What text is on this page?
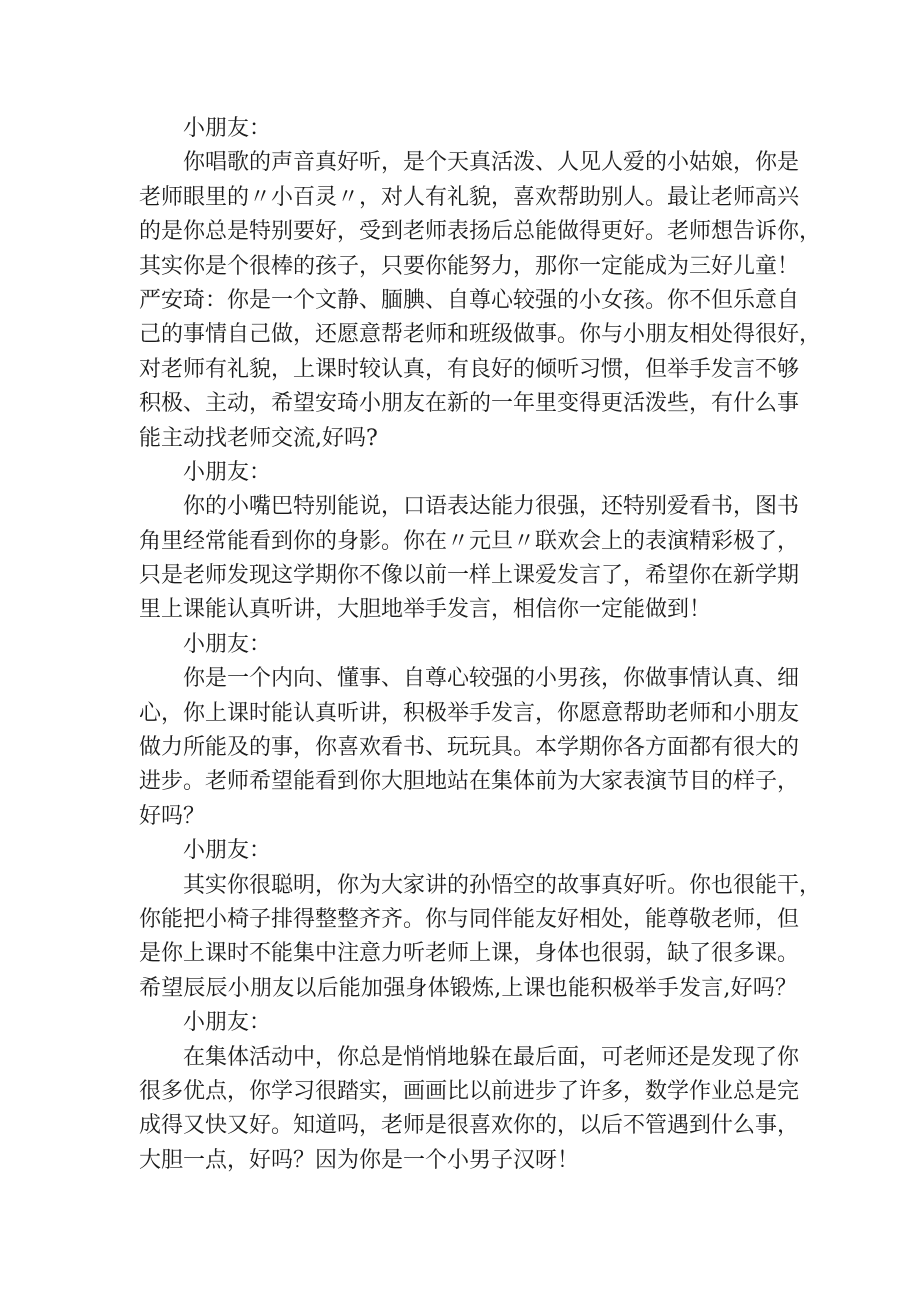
小朋友：
你唱歌的声音真好听，是个天真活泼、人见人爱的小姑娘，你是
老师眼里的〃小百灵〃，对人有礼貌，喜欢帮助别人。最让老师高兴
的是你总是特别要好，受到老师表扬后总能做得更好。老师想告诉你，
其实你是个很棒的孩子，只要你能努力，那你一定能成为三好儿童！
严安琦：你是一个文静、腼腆、自尊心较强的小女孩。你不但乐意自
己的事情自己做，还愿意帮老师和班级做事。你与小朋友相处得很好，
对老师有礼貌，上课时较认真，有良好的倾听习惯，但举手发言不够
积极、主动，希望安琦小朋友在新的一年里变得更活泼些，有什么事
能主动找老师交流,好吗?
小朋友：
你的小嘴巴特别能说，口语表达能力很强，还特别爱看书，图书
角里经常能看到你的身影。你在〃元旦〃联欢会上的表演精彩极了，
只是老师发现这学期你不像以前一样上课爱发言了，希望你在新学期
里上课能认真听讲，大胆地举手发言，相信你一定能做到！
小朋友：
你是一个内向、懂事、自尊心较强的小男孩，你做事情认真、细
心，你上课时能认真听讲，积极举手发言，你愿意帮助老师和小朋友
做力所能及的事，你喜欢看书、玩玩具。本学期你各方面都有很大的
进步。老师希望能看到你大胆地站在集体前为大家表演节目的样子，
好吗？
小朋友：
其实你很聪明，你为大家讲的孙悟空的故事真好听。你也很能干，
你能把小椅子排得整整齐齐。你与同伴能友好相处，能尊敬老师，但
是你上课时不能集中注意力听老师上课，身体也很弱，缺了很多课。
希望辰辰小朋友以后能加强身体锻炼,上课也能积极举手发言,好吗？
小朋友：
在集体活动中，你总是悄悄地躲在最后面，可老师还是发现了你
很多优点，你学习很踏实，画画比以前进步了许多，数学作业总是完
成得又快又好。知道吗，老师是很喜欢你的，以后不管遇到什么事，
大胆一点，好吗？因为你是一个小男子汉呀！
